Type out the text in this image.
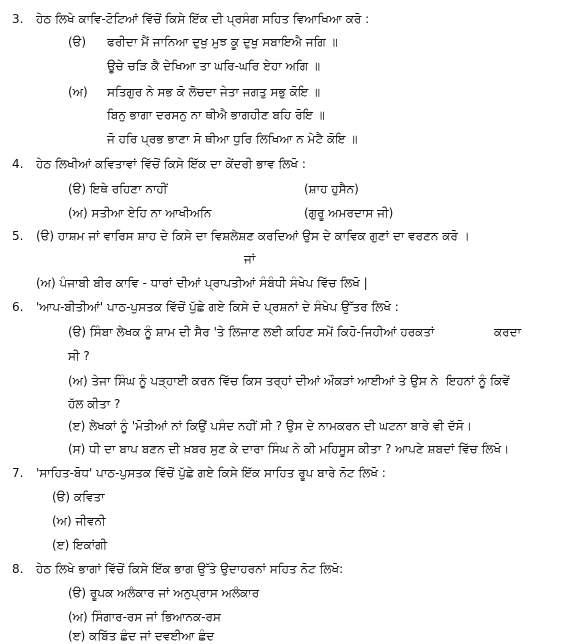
3. ਹੇਠ ਲਿਖੇ ਕਾਵਿ-ਟੋਟਿਆਂ ਵਿੱਚੋਂ ਕਿਸੇ ਇੱਕ ਦੀ ਪ੍ਰਸੰਗ ਸਹਿਤ ਵਿਆਖਿਆ ਕਰੋ :
(ੳ) ਫਰੀਦਾ ਮੈਂ ਜਾਨਿਆ ਦੁਖੁ ਮੁਝ ਕੂ ਦੁਖੁ ਸਬਾਇਐ ਜਗਿ ॥
ਊਚੇ ਚੜਿ ਕੈ ਦੇਖਿਆ ਤਾ ਘਰਿ-ਘਰਿ ਏਹਾ ਅਗਿ ॥
(ਅ) ਸਤਿਗੁਰ ਨੇ ਸਭ ਕੋ ਲੋਚਦਾ ਜੇਤਾ ਜਗਤੁ ਸਭੁ ਕੋਇ ॥
ਬਿਨੁ ਭਾਗਾ ਦਰਸਨੁ ਨਾ ਥੀਐ ਭਾਗਹੀਣ ਬਹਿ ਰੋਇ ॥
ਜੋ ਹਰਿ ਪ੍ਰਭ ਭਾਣਾ ਸੋ ਥੀਆ ਧੁਰਿ ਲਿਖਿਆ ਨ ਮੇਟੈ ਕੋਇ ॥
4. ਹੇਠ ਲਿਖੀਆਂ ਕਵਿਤਾਵਾਂ ਵਿੱਚੋਂ ਕਿਸੇ ਇੱਕ ਦਾ ਕੇਂਦਰੀ ਭਾਵ ਲਿਖੋ :
(ੳ) ਇਥੇ ਰਹਿਣਾ ਨਾਹੀਂ	(ਸ਼ਾਹ ਹੁਸੈਨ)
(ਅ) ਸਤੀਆ ਏਹਿ ਨਾ ਆਖੀਅਨਿ	(ਗੁਰੂ ਅਮਰਦਾਸ ਜੀ)
5. (ੳ) ਹਾਸ਼ਮ ਜਾਂ ਵਾਰਿਸ ਸ਼ਾਹ ਦੇ ਕਿਸੇ ਦਾ ਵਿਸ਼ਲੇਸ਼ਣ ਕਰਦਿਆਂ ਉਸ ਦੇ ਕਾਵਿਕ ਗੁਣਾਂ ਦਾ ਵਰਣਨ ਕਰੋ ।
ਜਾਂ
(ਅ) ਪੰਜਾਬੀ ਬੀਰ ਕਾਵਿ - ਧਾਰਾਂ ਦੀਆਂ ਪ੍ਰਾਪਤੀਆਂ ਸੰਬੰਧੀ ਸੰਖੇਪ ਵਿੱਚ ਲਿਖੋ |
6. 'ਆਪ-ਬੀਤੀਆਂ' ਪਾਠ-ਪੁਸਤਕ ਵਿੱਚੋਂ ਪੁੱਛੇ ਗਏ ਕਿਸੇ ਦੋ ਪ੍ਰਸ਼ਨਾਂ ਦੇ ਸੰਖੇਪ ਉੱਤਰ ਲਿਖੋ :
(ੳ) ਸਿੰਬਾ ਲੇਖਕ ਨੂੰ ਸ਼ਾਮ ਦੀ ਸੈਰ 'ਤੇ ਲਿਜਾਣ ਲਈ ਕਹਿਣ ਸਮੇਂ ਕਿਹੋ-ਜਿਹੀਆਂ ਹਰਕਤਾਂ	ਕਰਦਾ
ਸੀ ?
(ਅ) ਤੇਜਾ ਸਿੰਘ ਨੂੰ ਪੜ੍ਹਾਈ ਕਰਨ ਵਿੱਚ ਕਿਸ ਤਰ੍ਹਾਂ ਦੀਆਂ ਔਕੜਾਂ ਆਈਆਂ ਤੇ ਉਸ ਨੇ ਇਹਨਾਂ ਨੂੰ ਕਿਵੇਂ
ਹੱਲ ਕੀਤਾ ?
(ੲ) ਲੇਖਕਾਂ ਨੂੰ 'ਮੋਤੀਆਂ ਨਾਂ ਕਿਉਂ ਪਸੰਦ ਨਹੀਂ ਸੀ ? ਉਸ ਦੇ ਨਾਮਕਰਨ ਦੀ ਘਟਨਾ ਬਾਰੇ ਵੀ ਦੱਸੋ।
(ਸ) ਧੀ ਦਾ ਬਾਪ ਬਣਨ ਦੀ ਖ਼ਬਰ ਸੁਣ ਕੇ ਦਾਰਾ ਸਿੰਘ ਨੇ ਕੀ ਮਹਿਸੂਸ ਕੀਤਾ ? ਆਪਣੇ ਸ਼ਬਦਾਂ ਵਿੱਚ ਲਿਖੋ।
7. 'ਸਾਹਿਤ-ਬੋਧ' ਪਾਠ-ਪੁਸਤਕ ਵਿੱਚੋਂ ਪੁੱਛੇ ਗਏ ਕਿਸੇ ਇੱਕ ਸਾਹਿਤ ਰੂਪ ਬਾਰੇ ਨੋਟ ਲਿਖੋ :
(ੳ) ਕਵਿਤਾ
(ਅ) ਜੀਵਨੀ
(ੲ) ਇਕਾਂਗੀ
8. ਹੇਠ ਲਿਖੇ ਭਾਗਾਂ ਵਿੱਚੋਂ ਕਿਸੇ ਇੱਕ ਭਾਗ ਉੱਤੇ ਉਦਾਹਰਨਾਂ ਸਹਿਤ ਨੋਟ ਲਿਖੋ:
(ੳ) ਰੂਪਕ ਅਲੰਕਾਰ ਜਾਂ ਅਨੁਪ੍ਰਾਸ ਅਲੰਕਾਰ
(ਅ) ਸਿੰਗਾਰ-ਰਸ ਜਾਂ ਭਿਆਨਕ-ਰਸ
(ੲ) ਕਬਿੱਤ ਛੰਦ ਜਾਂ ਦਵਈਆ ਛੰਦ
